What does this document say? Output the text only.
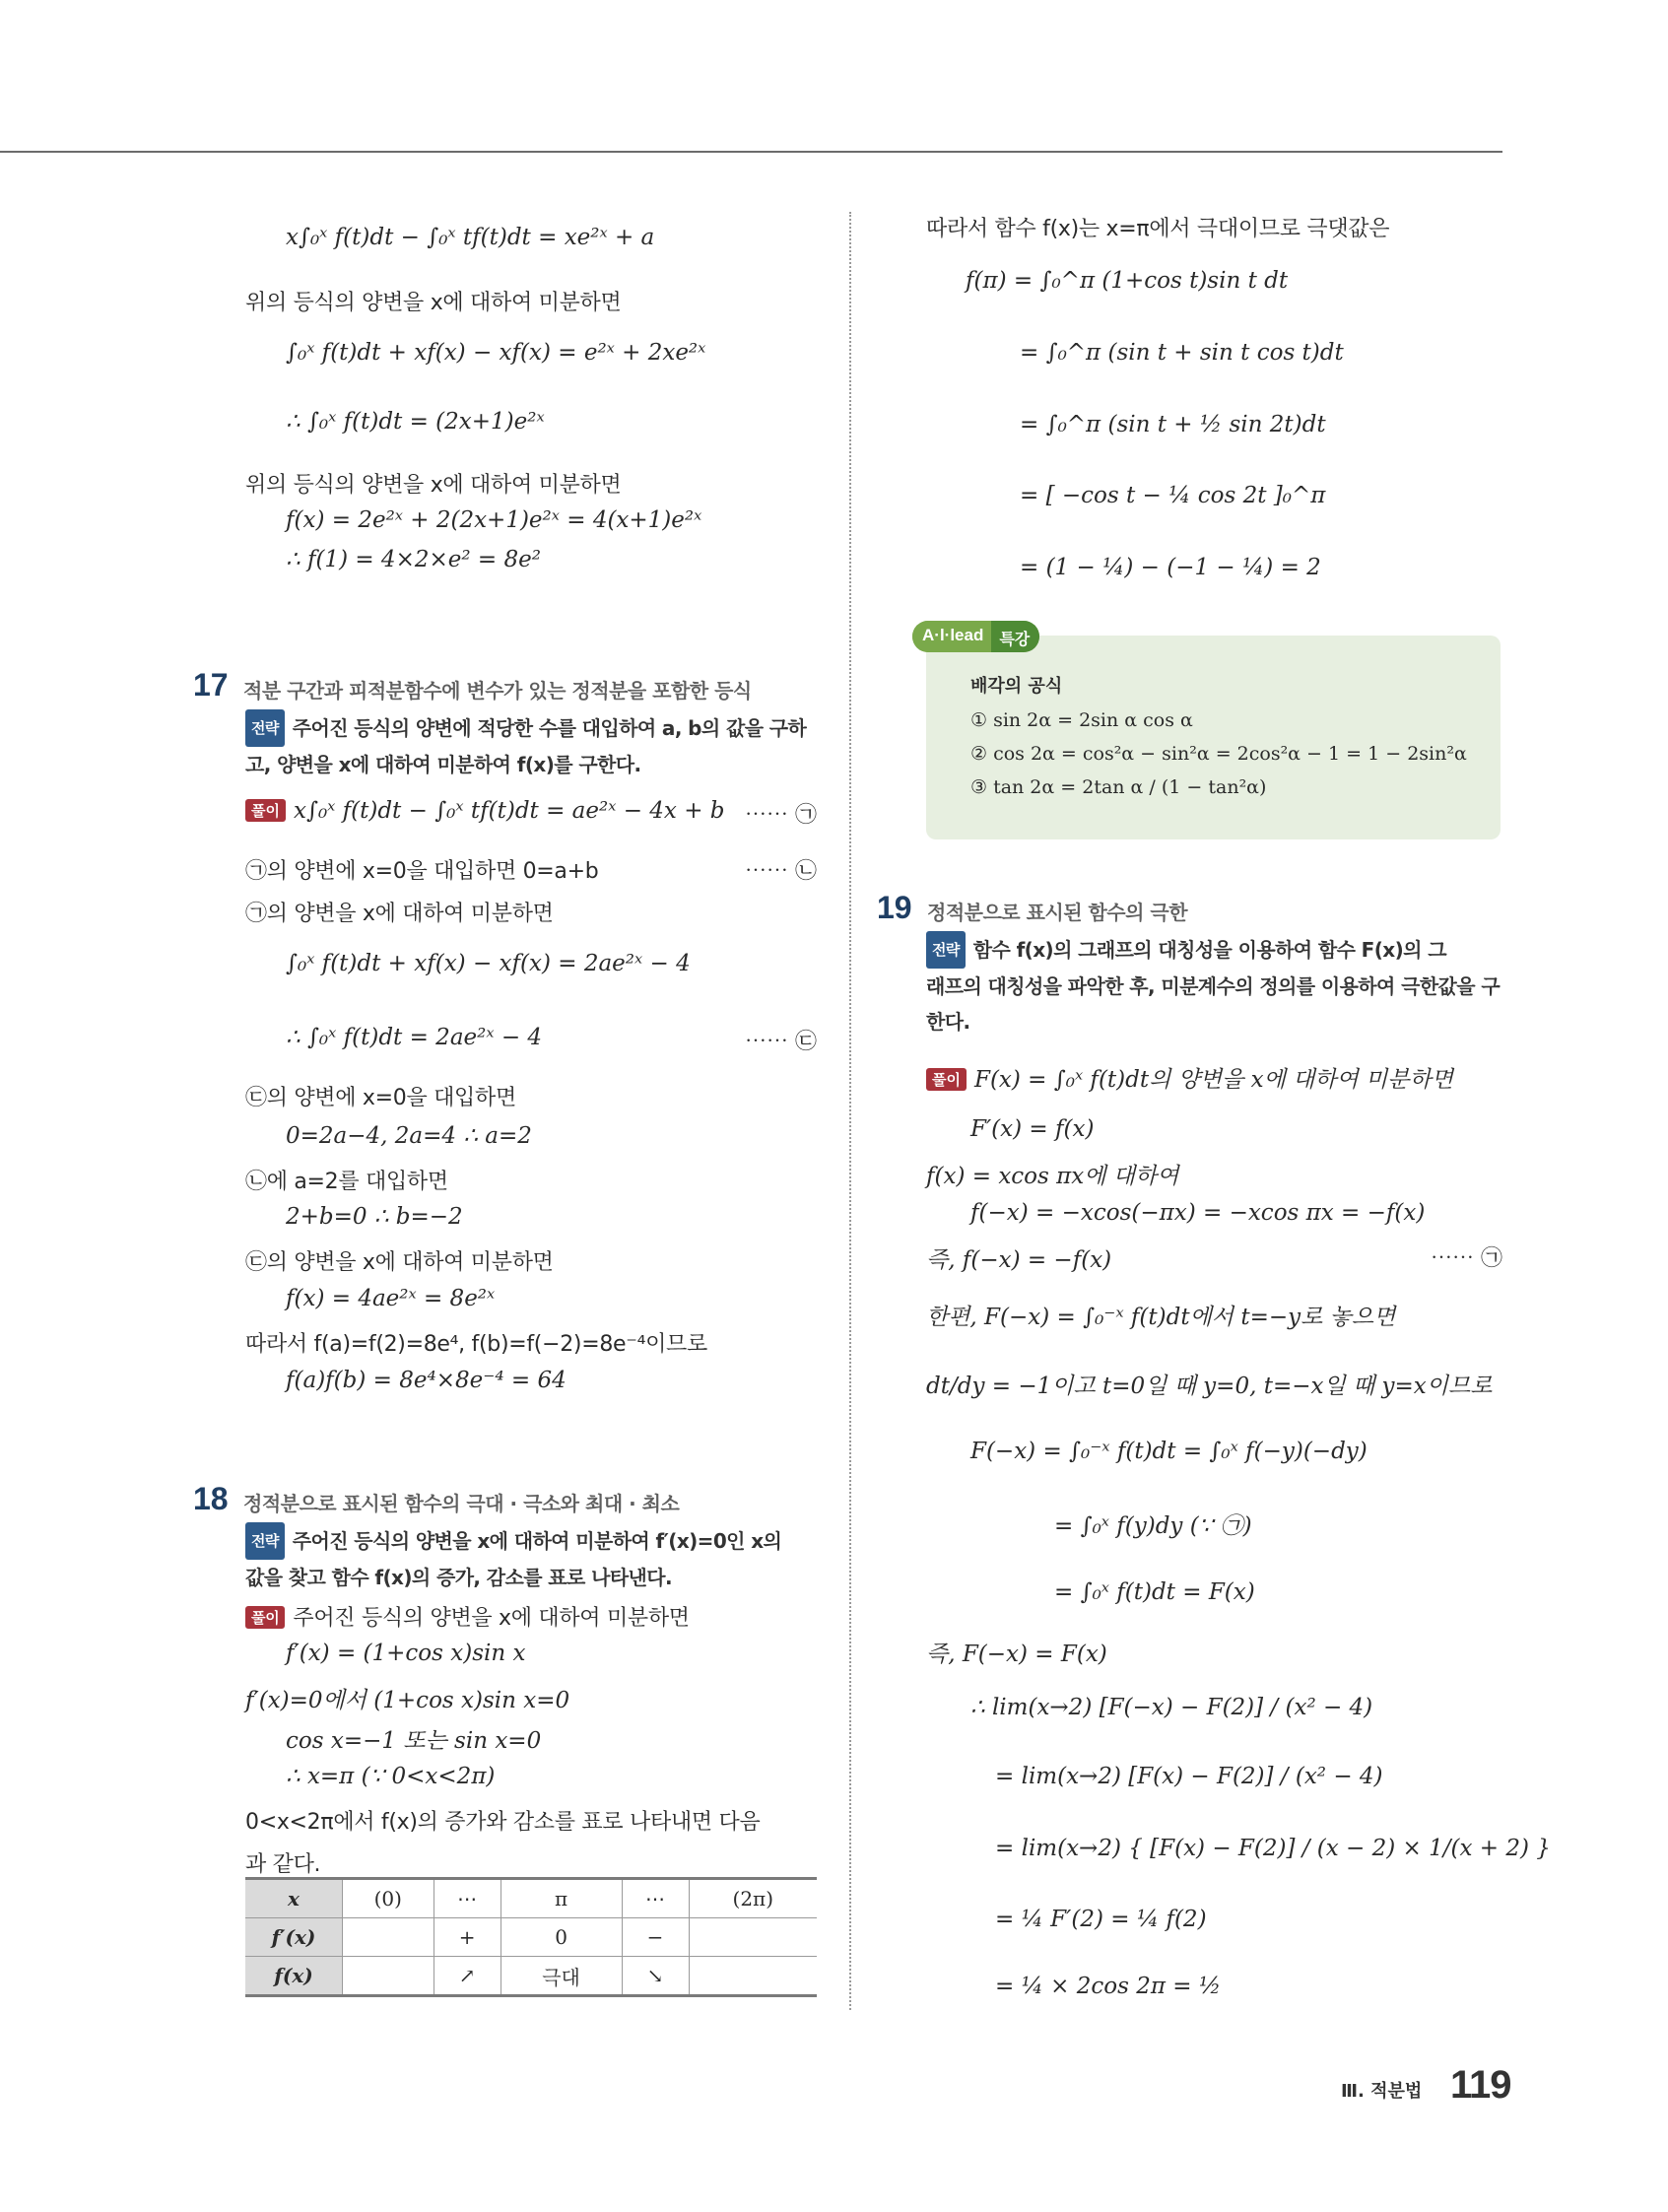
x∫₀ˣ f(t)dt − ∫₀ˣ tf(t)dt = xe²ˣ + a
위의 등식의 양변을 x에 대하여 미분하면
∫₀ˣ f(t)dt + xf(x) − xf(x) = e²ˣ + 2xe²ˣ
∴ ∫₀ˣ f(t)dt = (2x+1)e²ˣ
위의 등식의 양변을 x에 대하여 미분하면
f(x) = 2e²ˣ + 2(2x+1)e²ˣ = 4(x+1)e²ˣ
∴ f(1) = 4×2×e² = 8e²
17 적분 구간과 피적분함수에 변수가 있는 정적분을 포함한 등식
전략 주어진 등식의 양변에 적당한 수를 대입하여 a, b의 값을 구하
고, 양변을 x에 대하여 미분하여 f(x)를 구한다.
풀이 x∫₀ˣ f(t)dt − ∫₀ˣ tf(t)dt = ae²ˣ − 4x + b ⋯⋯ ㉠
㉠의 양변에 x=0을 대입하면 0=a+b	⋯⋯ ㉡
㉠의 양변을 x에 대하여 미분하면
∫₀ˣ f(t)dt + xf(x) − xf(x) = 2ae²ˣ − 4
∴ ∫₀ˣ f(t)dt = 2ae²ˣ − 4	⋯⋯ ㉢
㉢의 양변에 x=0을 대입하면
0=2a−4, 2a=4 ∴ a=2
㉡에 a=2를 대입하면
2+b=0 ∴ b=−2
㉢의 양변을 x에 대하여 미분하면
f(x) = 4ae²ˣ = 8e²ˣ
따라서 f(a)=f(2)=8e⁴, f(b)=f(−2)=8e⁻⁴이므로
f(a)f(b) = 8e⁴×8e⁻⁴ = 64
18 정적분으로 표시된 함수의 극대 · 극소와 최대 · 최소
전략 주어진 등식의 양변을 x에 대하여 미분하여 f′(x)=0인 x의
값을 찾고 함수 f(x)의 증가, 감소를 표로 나타낸다.
풀이 주어진 등식의 양변을 x에 대하여 미분하면
f′(x) = (1+cos x)sin x
f′(x)=0에서 (1+cos x)sin x=0
cos x=−1 또는 sin x=0
∴ x=π (∵ 0<x<2π)
0<x<2π에서 f(x)의 증가와 감소를 표로 나타내면 다음
과 같다.
x	(0)	⋯	π	⋯	(2π)
f′(x)		+	0	−	
f(x)		↗	극대	↘	
따라서 함수 f(x)는 x=π에서 극대이므로 극댓값은
f(π) = ∫₀^π (1+cos t)sin t dt
= ∫₀^π (sin t + sin t cos t)dt
= ∫₀^π (sin t + ½ sin 2t)dt
= [ −cos t − ¼ cos 2t ]₀^π
= (1 − ¼) − (−1 − ¼) = 2
A·l·lead	특강
배각의 공식
① sin 2α = 2sin α cos α
② cos 2α = cos²α − sin²α = 2cos²α − 1 = 1 − 2sin²α
③ tan 2α = 2tan α / (1 − tan²α)
19 정적분으로 표시된 함수의 극한
전략 함수 f(x)의 그래프의 대칭성을 이용하여 함수 F(x)의 그
래프의 대칭성을 파악한 후, 미분계수의 정의를 이용하여 극한값을 구
한다.
풀이 F(x) = ∫₀ˣ f(t)dt의 양변을 x에 대하여 미분하면
F′(x) = f(x)
f(x) = xcos πx에 대하여
f(−x) = −xcos(−πx) = −xcos πx = −f(x)
즉, f(−x) = −f(x)	⋯⋯ ㉠
한편, F(−x) = ∫₀⁻ˣ f(t)dt에서 t=−y로 놓으면
dt/dy = −1이고 t=0일 때 y=0, t=−x일 때 y=x이므로
F(−x) = ∫₀⁻ˣ f(t)dt = ∫₀ˣ f(−y)(−dy)
= ∫₀ˣ f(y)dy (∵ ㉠)
= ∫₀ˣ f(t)dt = F(x)
즉, F(−x) = F(x)
∴ lim(x→2) [F(−x) − F(2)] / (x² − 4)
= lim(x→2) [F(x) − F(2)] / (x² − 4)
= lim(x→2) { [F(x) − F(2)] / (x − 2) × 1/(x + 2) }
= ¼ F′(2) = ¼ f(2)
= ¼ × 2cos 2π = ½
Ⅲ. 적분법 119
